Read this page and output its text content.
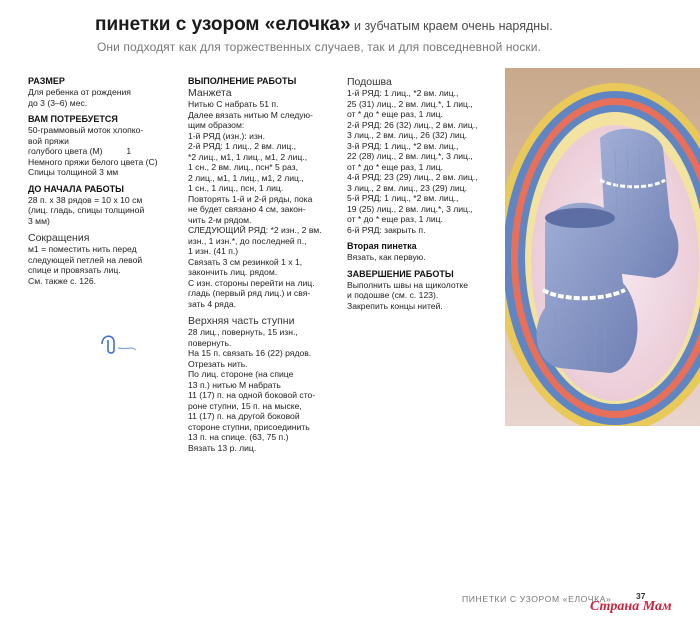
пинетки с узором «елочка» и зубчатым краем очень нарядны.
Они подходят как для торжественных случаев, так и для повседневной носки.
РАЗМЕР
Для ребенка от рождения
до 3 (3–6) мес.
ВАМ ПОТРЕБУЕТСЯ
50-граммовый моток хлопко-
вой пряжи
голубого цвета (М)          1
Немного пряжи белого цвета (С)
Спицы толщиной 3 мм
ДО НАЧАЛА РАБОТЫ
28 п. х 38 рядов = 10 х 10 см
(лиц. гладь, спицы толщиной
3 мм)
Сокращения
м1 = поместить нить перед
следующей петлей на левой
спице и провязать лиц.
См. также с. 126.
ВЫПОЛНЕНИЕ РАБОТЫ
Манжета
Нитью С набрать 51 п.
Далее вязать нитью М следую-
щим образом:
1-й РЯД (изн.): изн.
2-й РЯД: 1 лиц., 2 вм. лиц.,
*2 лиц., м1, 1 лиц., м1, 2 лиц.,
1 сн., 2 вм. лиц., псн* 5 раз,
2 лиц., м1, 1 лиц., м1, 2 лиц.,
1 сн., 1 лиц., псн, 1 лиц.
Повторять 1-й и 2-й ряды, пока
не будет связано 4 см, закон-
чить 2-м рядом.
СЛЕДУЮЩИЙ РЯД: *2 изн., 2 вм.
изн., 1 изн.*, до последней п.,
1 изн. (41 п.)
Связать 3 см резинкой 1 х 1,
закончить лиц. рядом.
С изн. стороны перейти на лиц.
гладь (первый ряд лиц.) и свя-
зать 4 ряда.
Верхняя часть ступни
28 лиц., повернуть, 15 изн.,
повернуть.
На 15 п. связать 16 (22) рядов.
Отрезать нить.
По лиц. стороне (на спице
13 п.) нитью М набрать
11 (17) п. на одной боковой сто-
роне ступни, 15 п. на мыске,
11 (17) п. на другой боковой
стороне ступни, присоединить
13 п. на спице. (63, 75 п.)
Вязать 13 р. лиц.
Подошва
1-й РЯД: 1 лиц., *2 вм. лиц.,
25 (31) лиц., 2 вм. лиц.*, 1 лиц.,
от * до * еще раз, 1 лиц.
2-й РЯД: 26 (32) лиц., 2 вм. лиц.,
3 лиц., 2 вм. лиц., 26 (32) лиц.
3-й РЯД: 1 лиц., *2 вм. лиц.,
22 (28) лиц., 2 вм. лиц.*, 3 лиц.,
от * до * еще раз, 1 лиц.
4-й РЯД: 23 (29) лиц., 2 вм. лиц.,
3 лиц., 2 вм. лиц., 23 (29) лиц.
5-й РЯД: 1 лиц., *2 вм. лиц.,
19 (25) лиц., 2 вм. лиц.*, 3 лиц.,
от * до * еще раз, 1 лиц.
6-й РЯД: закрыть п.
Вторая пинетка
Вязать, как первую.
ЗАВЕРШЕНИЕ РАБОТЫ
Выполнить швы на щиколотке
и подошве (см. с. 123).
Закрепить концы нитей.
ПИНЕТКИ С УЗОРОМ «ЕЛОЧКА»	37
Страна Мам
